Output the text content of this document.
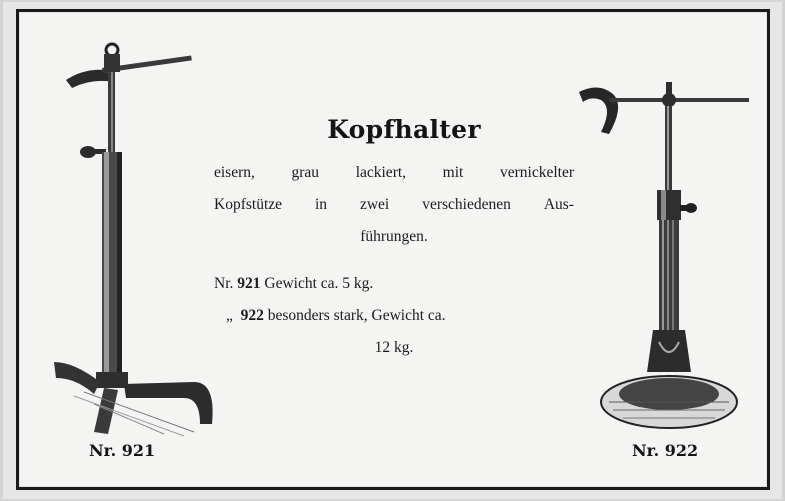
Nr. 921
Kopfhalter
eisern, grau lackiert, mit vernickelter
Kopfstütze in zwei verschiedenen Aus-
führungen.
Nr. 921 Gewicht ca. 5 kg.
„ 922 besonders stark, Gewicht ca.
12 kg.
Nr. 922
